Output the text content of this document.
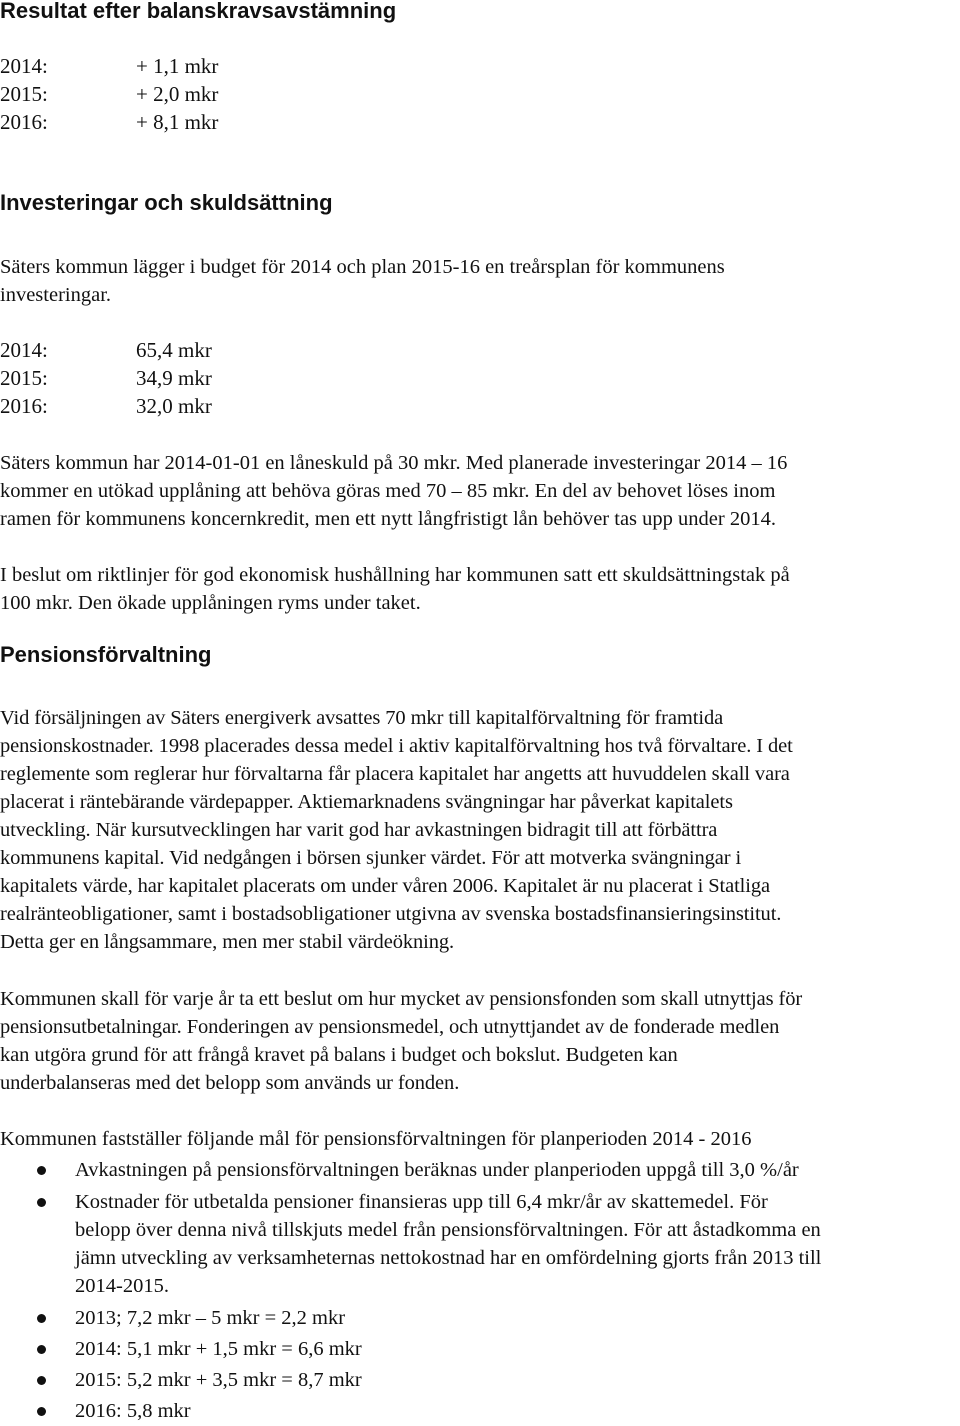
Resultat efter balanskravsavstämning
2014:	+ 1,1 mkr
2015:	+ 2,0 mkr
2016:	+ 8,1 mkr
Investeringar och skuldsättning

Säters kommun lägger i budget för 2014 och plan 2015-16 en treårsplan för kommunens
investeringar.

2014:	65,4 mkr
2015:	34,9 mkr
2016:	32,0 mkr

Säters kommun har 2014-01-01 en låneskuld på 30 mkr. Med planerade investeringar 2014 – 16
kommer en utökad upplåning att behöva göras med 70 – 85 mkr. En del av behovet löses inom
ramen för kommunens koncernkredit, men ett nytt långfristigt lån behöver tas upp under 2014.

I beslut om riktlinjer för god ekonomisk hushållning har kommunen satt ett skuldsättningstak på
100 mkr. Den ökade upplåningen ryms under taket.

Pensionsförvaltning

Vid försäljningen av Säters energiverk avsattes 70 mkr till kapitalförvaltning för framtida
pensionskostnader. 1998 placerades dessa medel i aktiv kapitalförvaltning hos två förvaltare. I det
reglemente som reglerar hur förvaltarna får placera kapitalet har angetts att huvuddelen skall vara
placerat i räntebärande värdepapper. Aktiemarknadens svängningar har påverkat kapitalets
utveckling. När kursutvecklingen har varit god har avkastningen bidragit till att förbättra
kommunens kapital. Vid nedgången i börsen sjunker värdet. För att motverka svängningar i
kapitalets värde, har kapitalet placerats om under våren 2006. Kapitalet är nu placerat i Statliga
realränteobligationer, samt i bostadsobligationer utgivna av svenska bostadsfinansieringsinstitut.
Detta ger en långsammare, men mer stabil värdeökning.

Kommunen skall för varje år ta ett beslut om hur mycket av pensionsfonden som skall utnyttjas för
pensionsutbetalningar. Fonderingen av pensionsmedel, och utnyttjandet av de fonderade medlen
kan utgöra grund för att frångå kravet på balans i budget och bokslut. Budgeten kan
underbalanseras med det belopp som används ur fonden.

Kommunen fastställer följande mål för pensionsförvaltningen för planperioden 2014 - 2016

Avkastningen på pensionsförvaltningen beräknas under planperioden uppgå till 3,0 %/år
Kostnader för utbetalda pensioner finansieras upp till 6,4 mkr/år av skattemedel. För
belopp över denna nivå tillskjuts medel från pensionsförvaltningen. För att åstadkomma en
jämn utveckling av verksamheternas nettokostnad har en omfördelning gjorts från 2013 till
2014-2015.
2013; 7,2 mkr – 5 mkr = 2,2 mkr
2014: 5,1 mkr + 1,5 mkr = 6,6 mkr
2015: 5,2 mkr + 3,5 mkr = 8,7 mkr
2016: 5,8 mkr
